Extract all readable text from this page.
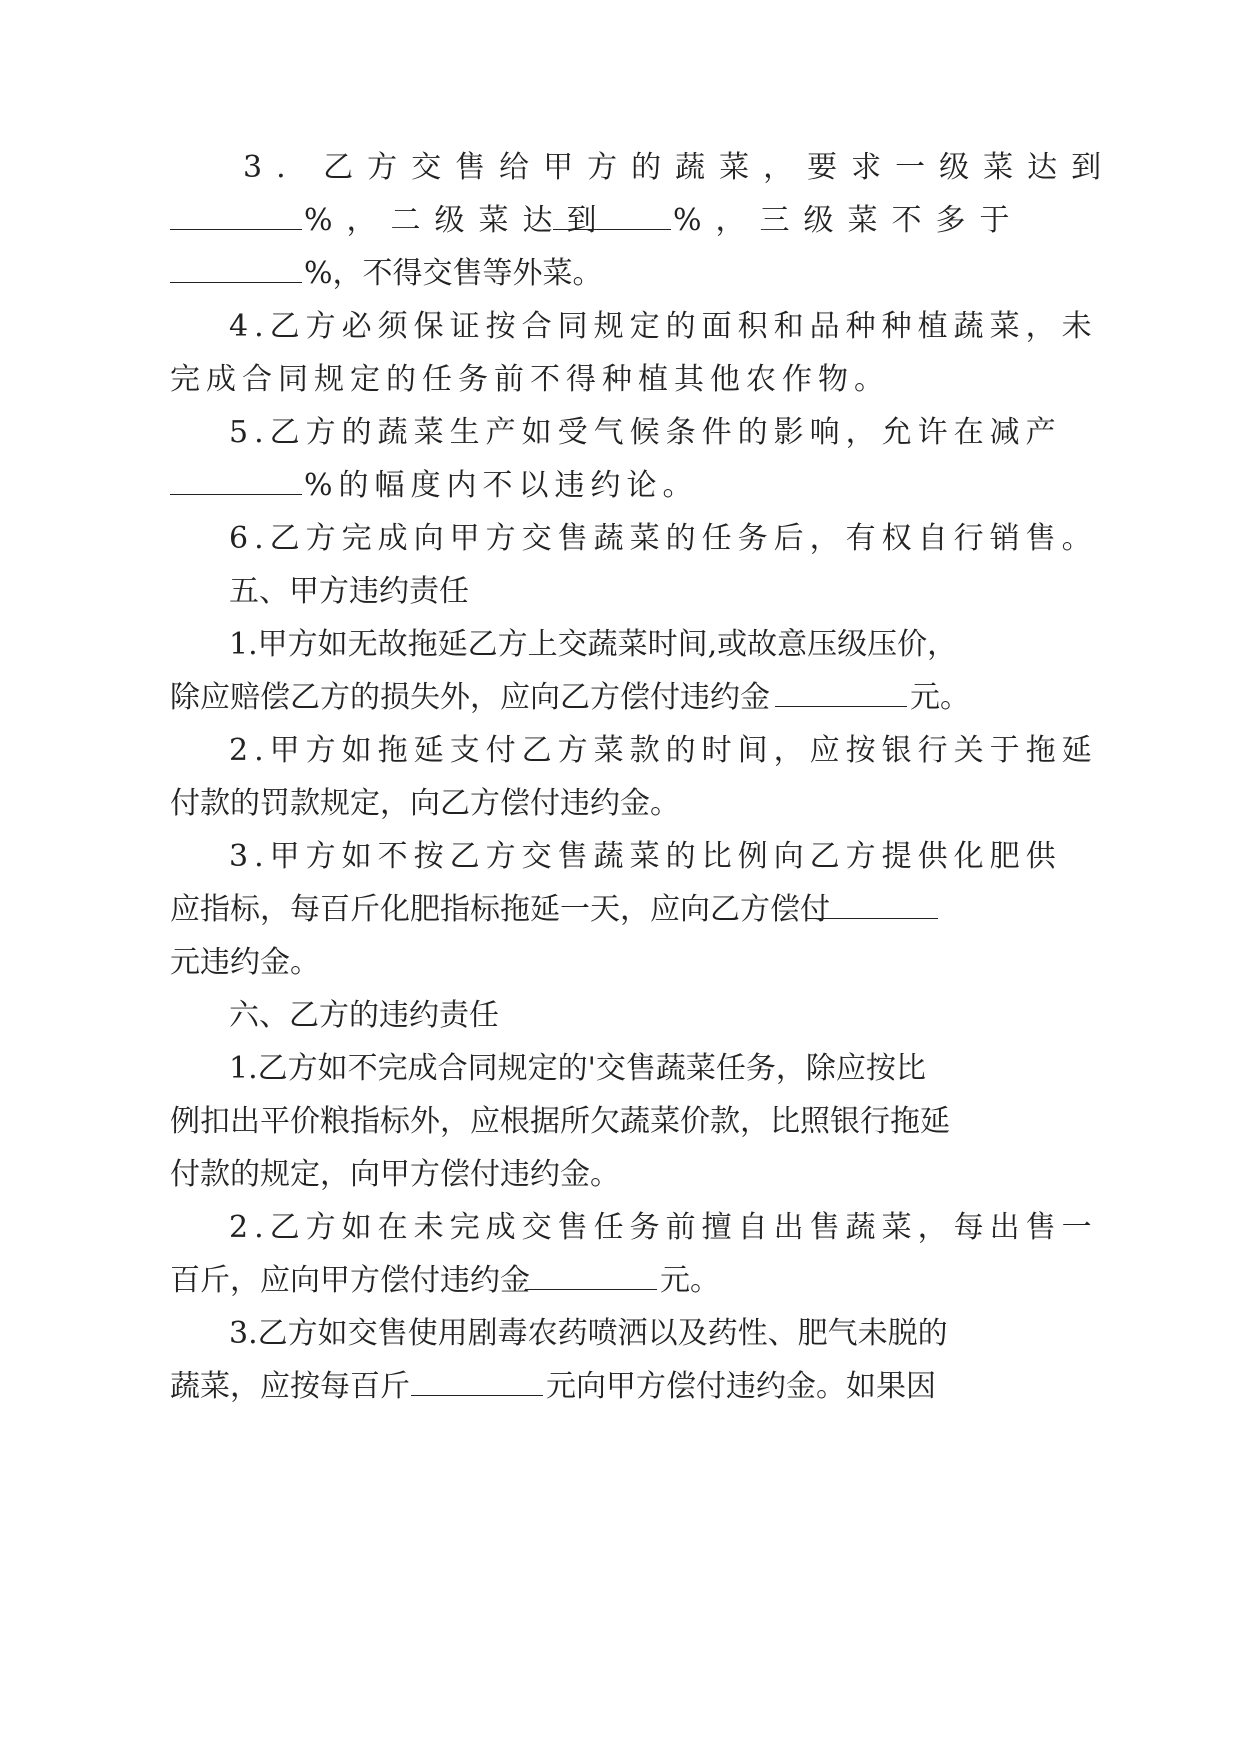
3. 乙方交售给甲方的蔬菜，要求一级菜达到
%，二级菜达到 %，三级菜不多于
%，不得交售等外菜。
4.乙方必须保证按合同规定的面积和品种种植蔬菜，未
完成合同规定的任务前不得种植其他农作物。
5.乙方的蔬菜生产如受气候条件的影响，允许在减产
%的幅度内不以违约论。
6.乙方完成向甲方交售蔬菜的任务后，有权自行销售。
五、甲方违约责任
1.甲方如无故拖延乙方上交蔬菜时间,或故意压级压价，
除应赔偿乙方的损失外，应向乙方偿付违约金	元。
2.甲方如拖延支付乙方菜款的时间，应按银行关于拖延
付款的罚款规定，向乙方偿付违约金。
3.甲方如不按乙方交售蔬菜的比例向乙方提供化肥供
应指标，每百斤化肥指标拖延一天，应向乙方偿付
元违约金。
六、乙方的违约责任
1.乙方如不完成合同规定的'交售蔬菜任务，除应按比
例扣出平价粮指标外，应根据所欠蔬菜价款，比照银行拖延
付款的规定，向甲方偿付违约金。
2.乙方如在未完成交售任务前擅自出售蔬菜，每出售一
百斤，应向甲方偿付违约金	元。
3.乙方如交售使用剧毒农药喷洒以及药性、肥气未脱的
蔬菜，应按每百斤	元向甲方偿付违约金。如果因
